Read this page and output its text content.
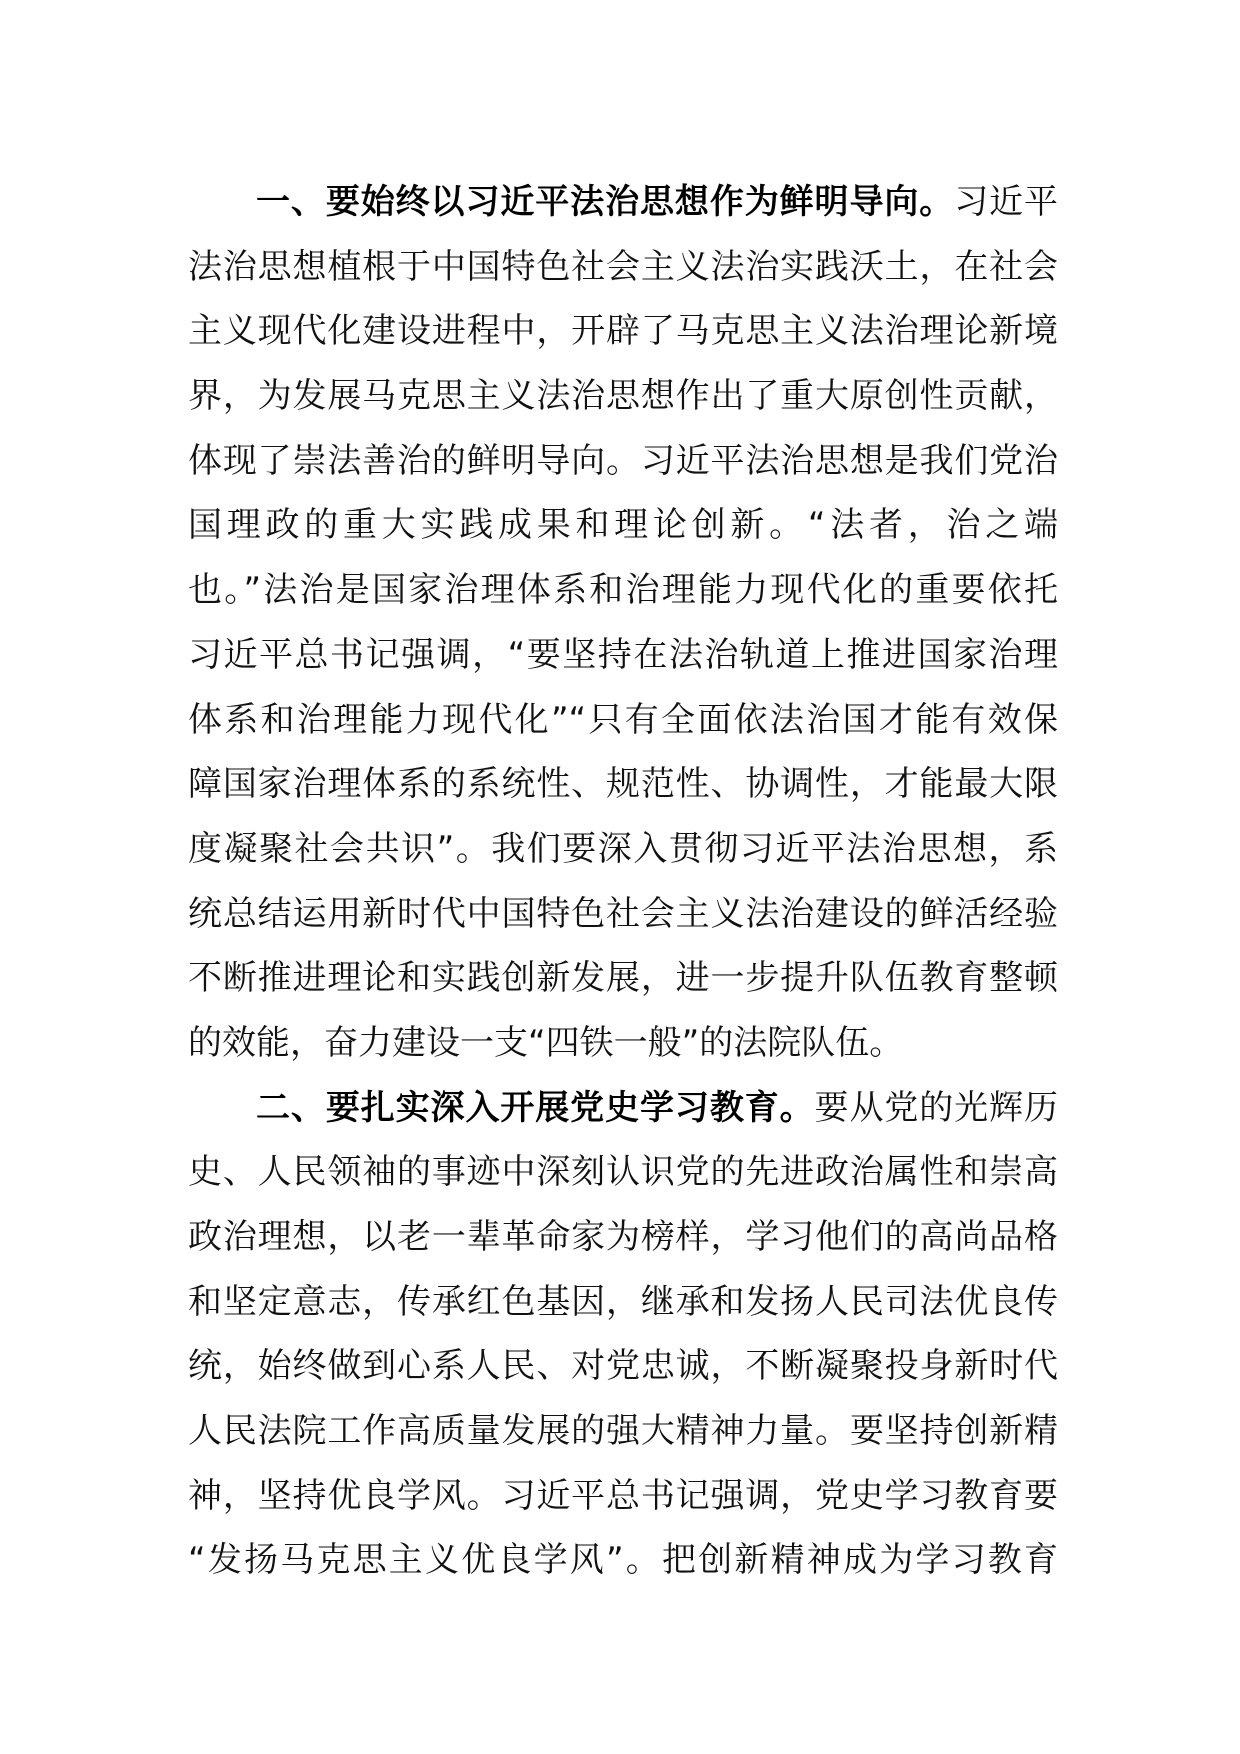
一、要始终以习近平法治思想作为鲜明导向。习近平
法治思想植根于中国特色社会主义法治实践沃土，在社会
主义现代化建设进程中，开辟了马克思主义法治理论新境
界，为发展马克思主义法治思想作出了重大原创性贡献，
体现了崇法善治的鲜明导向。习近平法治思想是我们党治
国理政的重大实践成果和理论创新。“法者，治之端
也。”法治是国家治理体系和治理能力现代化的重要依托
习近平总书记强调，“要坚持在法治轨道上推进国家治理
体系和治理能力现代化”“只有全面依法治国才能有效保
障国家治理体系的系统性、规范性、协调性，才能最大限
度凝聚社会共识”。我们要深入贯彻习近平法治思想，系
统总结运用新时代中国特色社会主义法治建设的鲜活经验
不断推进理论和实践创新发展，进一步提升队伍教育整顿
的效能，奋力建设一支“四铁一般”的法院队伍。
二、要扎实深入开展党史学习教育。要从党的光辉历
史、人民领袖的事迹中深刻认识党的先进政治属性和崇高
政治理想，以老一辈革命家为榜样，学习他们的高尚品格
和坚定意志，传承红色基因，继承和发扬人民司法优良传
统，始终做到心系人民、对党忠诚，不断凝聚投身新时代
人民法院工作高质量发展的强大精神力量。要坚持创新精
神，坚持优良学风。习近平总书记强调，党史学习教育要
“发扬马克思主义优良学风”。把创新精神成为学习教育
